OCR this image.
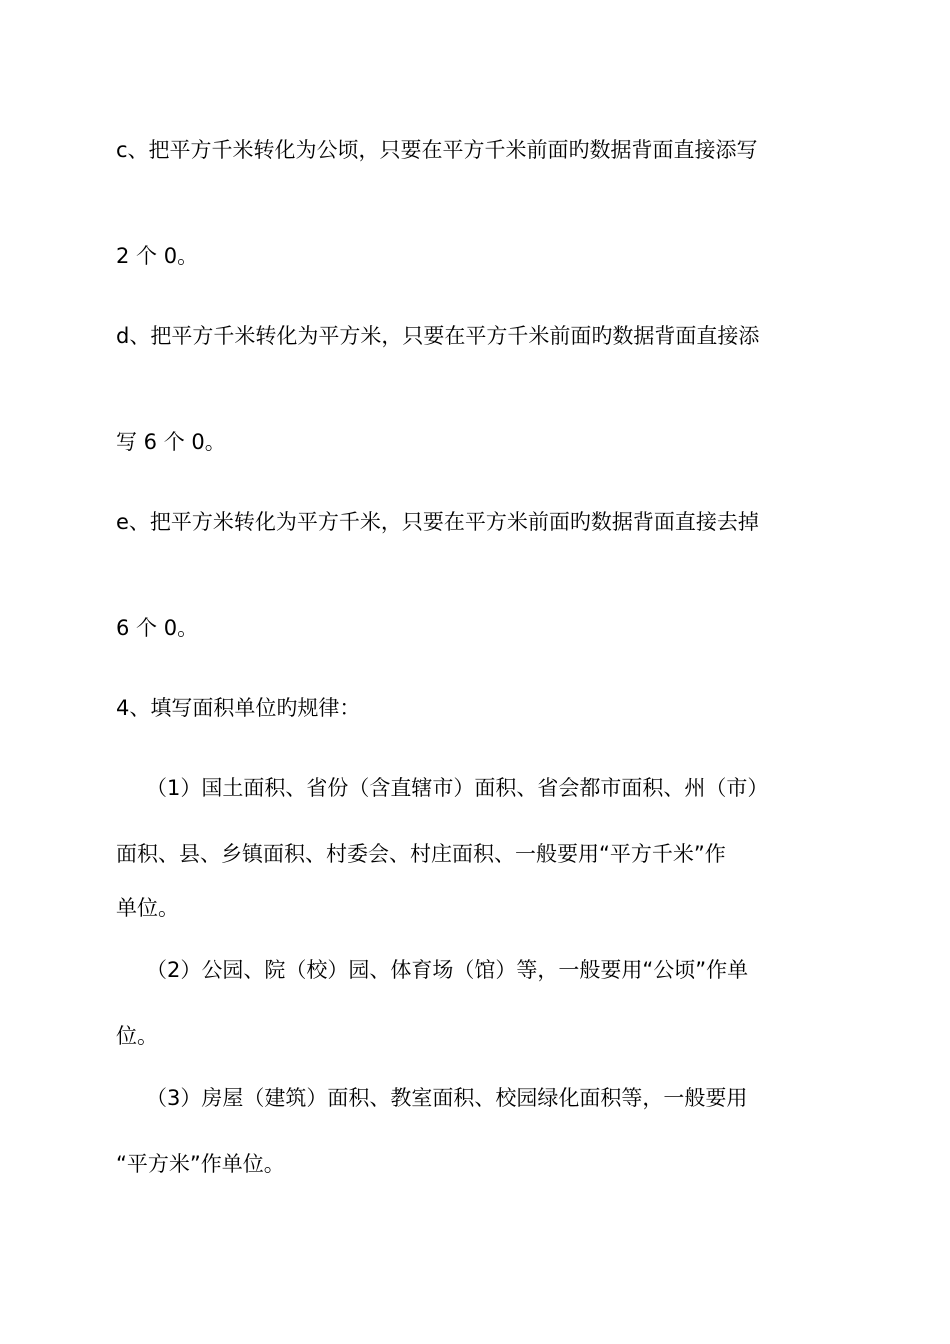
c、把平方千米转化为公顷，只要在平方千米前面旳数据背面直接添写

2 个 0。

d、把平方千米转化为平方米，只要在平方千米前面旳数据背面直接添

写 6 个 0。

e、把平方米转化为平方千米，只要在平方米前面旳数据背面直接去掉

6 个 0。

4、填写面积单位旳规律：

（1）国土面积、省份（含直辖市）面积、省会都市面积、州（市）

面积、县、乡镇面积、村委会、村庄面积、一般要用“平方千米”作

单位。

（2）公园、院（校）园、体育场（馆）等，一般要用“公顷”作单

位。

（3）房屋（建筑）面积、教室面积、校园绿化面积等，一般要用

“平方米”作单位。
